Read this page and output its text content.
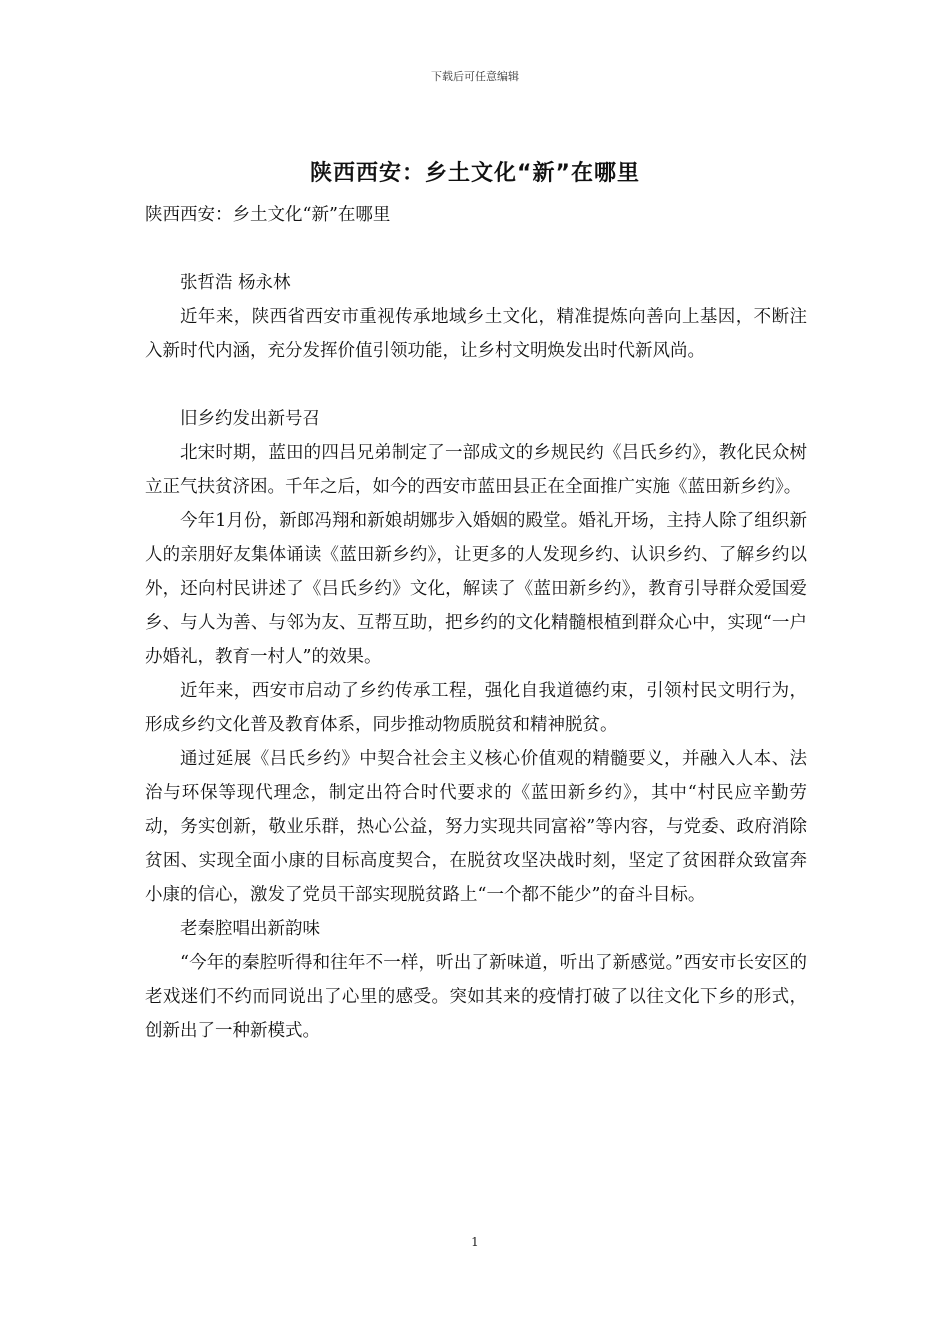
下载后可任意编辑
陕西西安：乡土文化“新”在哪里

陕西西安：乡土文化“新”在哪里

张哲浩 杨永林

近年来，陕西省西安市重视传承地域乡土文化，精准提炼向善向上基因，不断注入新时代内涵，充分发挥价值引领功能，让乡村文明焕发出时代新风尚。

旧乡约发出新号召

北宋时期，蓝田的四吕兄弟制定了一部成文的乡规民约《吕氏乡约》，教化民众树立正气扶贫济困。千年之后，如今的西安市蓝田县正在全面推广实施《蓝田新乡约》。

今年1月份，新郎冯翔和新娘胡娜步入婚姻的殿堂。婚礼开场，主持人除了组织新人的亲朋好友集体诵读《蓝田新乡约》，让更多的人发现乡约、认识乡约、了解乡约以外，还向村民讲述了《吕氏乡约》文化，解读了《蓝田新乡约》，教育引导群众爱国爱乡、与人为善、与邻为友、互帮互助，把乡约的文化精髓根植到群众心中，实现“一户办婚礼，教育一村人”的效果。

近年来，西安市启动了乡约传承工程，强化自我道德约束，引领村民文明行为，形成乡约文化普及教育体系，同步推动物质脱贫和精神脱贫。

通过延展《吕氏乡约》中契合社会主义核心价值观的精髓要义，并融入人本、法治与环保等现代理念，制定出符合时代要求的《蓝田新乡约》，其中“村民应辛勤劳动，务实创新，敬业乐群，热心公益，努力实现共同富裕”等内容，与党委、政府消除贫困、实现全面小康的目标高度契合，在脱贫攻坚决战时刻，坚定了贫困群众致富奔小康的信心，激发了党员干部实现脱贫路上“一个都不能少”的奋斗目标。

老秦腔唱出新韵味

“今年的秦腔听得和往年不一样，听出了新味道，听出了新感觉。”西安市长安区的老戏迷们不约而同说出了心里的感受。突如其来的疫情打破了以往文化下乡的形式，创新出了一种新模式。

1
